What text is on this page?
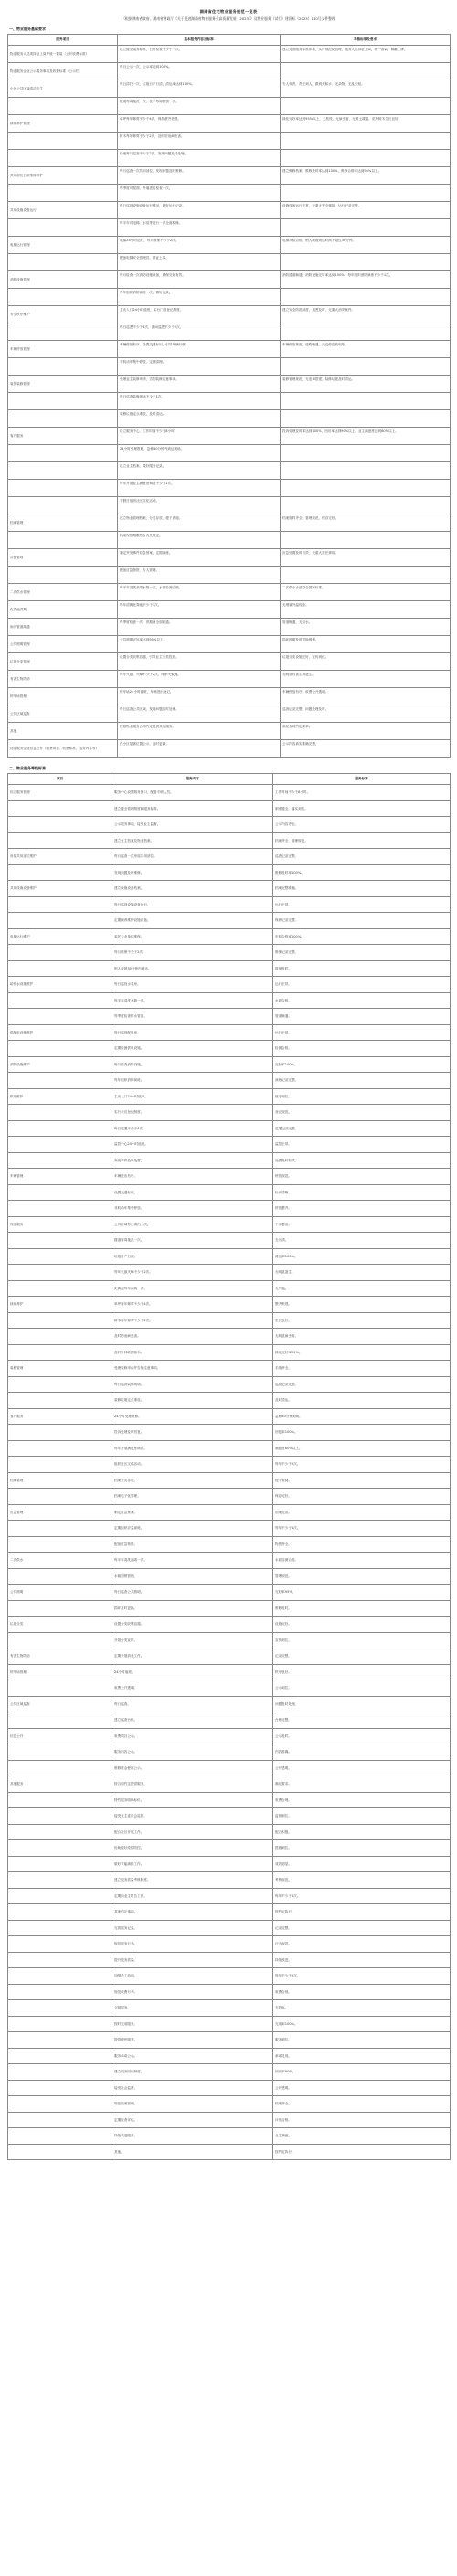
湖南省住宅物业服务规范一览表
（根据湖南省政府、湖南省财政厅《关于促进湖南省物业服务业高质量发展（2023）》及物业服务（试行）建设标（2023）160号文件整理
一、物业服务基础要求
服务项目	基本服务内容及标准	考核标准及要求
物业服务人员须持证上岗并统一着装（公开收费标准）	建立健全服务标准，日常检查不少于一次。	建立完善服务标准体系，实行规范化管理，服务人员持证上岗，统一着装，佩戴工牌。
物业服务企业公示服务事项及收费标准（公示栏）	每月公示一次，公示率达到100%。	
小区公共区域清洁卫生	每日清扫一次，垃圾日产日清，清运率达到100%。	专人负责，责任到人，做到无积水、无杂物、无乱张贴。
	楼道每周拖洗一次，扶手每周擦拭一次。	
绿化养护管理	草坪每年修剪不少于4次，保持整齐美观。	绿化完好率达到95%以上，无枯枝、无病虫害、无黄土裸露，花草树木生长良好。
	树木每年修剪不少于2次，及时防治病虫害。	
	绿地每月巡查不少于2次，发现问题及时处理。	
共用部位日常维修养护	每月巡查一次共用部位，发现问题及时维修。	建立维修档案，维修及时率达到100%，维修合格率达到95%以上。
	每季度对屋面、外墙进行检查一次。	
共用设施设备运行	每日巡视设施设备运行情况，做好运行记录。	设施设备运行正常，无重大安全事故，运行记录完整。
	每半年对电梯、水泵等进行一次全面检修。	
电梯运行管理	电梯24小时运行，每月维保不少于2次。	电梯年检合格，困人救援到达时间不超过30分钟。
	配备电梯安全管理员，持证上岗。	
消防设施管理	每月检查一次消防设施设备，确保完好有效。	消防通道畅通，消防设施完好率达到100%，每年组织消防演练不少于1次。
	每年组织消防演练一次，做好记录。	
安全秩序维护	主出入口24小时值班，实行门岗登记制度。	建立安全防范制度，巡逻及时，无重大治安案件。
	每日巡逻不少于4次，夜间巡逻不少于2次。	
车辆停放管理	车辆停放有序，设置交通标识，引导车辆行驶。	车辆停放规范，道路畅通，无乱停乱放现象。
	非机动车集中停放，定期清理。	
装饰装修管理	受理业主装修申请，告知装修注意事项。	装修管理规范，无违章搭建，装修垃圾及时清运。
	每日巡查装修现场不少于1次。	
	装修垃圾定点堆放，及时清运。	
客户服务	设立服务中心，工作时间不少于8小时。	投诉处理及时率达到100%，回访率达到90%以上，业主满意度达到80%以上。
	24小时受理报修，急修30分钟内到达现场。	
	建立业主档案，做好服务记录。	
	每年开展业主满意度调查不少于1次。	
	节假日组织社区文化活动。	
档案管理	建立物业管理档案，分类存放，便于查阅。	档案资料齐全，管理规范，保存完好。
	档案保管期限符合有关规定。	
应急管理	制定突发事件应急预案，定期演练。	应急处置及时有效，无重大责任事故。
	配备应急物资，专人管理。	
二次供水管理	每半年清洗消毒水箱一次，水质检测合格。	二次供水水质符合国家标准。
化粪池清掏	每年清掏化粪池不少于1次。	无堵塞外溢现象。
雨污管道疏通	每季度检查一次，汛期前全面疏通。	管道畅通，无积水。
公共照明管理	公共照明完好率达到95%以上。	损坏照明及时更换维修。
垃圾分类管理	设置分类收集容器，引导业主分类投放。	垃圾分类设施完好，宣传到位。
有害生物防治	每年灭鼠、灭蟑不少于2次，雨季灭蚊蝇。	无明显有害生物滋生。
停车场管理	停车场24小时值班，车辆进出登记。	车辆停放有序，收费公开透明。
公共区域巡查	每日巡查公共区域，发现问题及时处理。	巡查记录完整，问题处理及时。
其他	按照物业服务合同约定提供其他服务。	满足合同约定要求。
物业服务企业信息公开（收费项目、收费标准、服务内容等）	在小区显著位置公示，及时更新。	公示内容真实准确完整。
二、物业服务等级标准
项目	服务内容	服务标准
综合服务管理	服务中心设置服务窗口，配备专职人员。	工作时间不少于8小时。
	建立健全管理制度和服务标准。	制度健全，落实到位。
	公示服务事项，接受业主监督。	公示内容齐全。
	建立业主档案及物业档案。	档案齐全，管理规范。
房屋共用部位维护	每月巡查一次房屋共用部位。	巡查记录完整。
	发现问题及时维修。	维修及时率100%。
共用设施设备维护	建立设施设备档案。	档案完整准确。
	每日巡视设施设备运行。	运行正常。
	定期保养维护设施设备。	保养记录完整。
电梯运行维护	委托专业单位维保。	年检合格率100%。
	每月维保不少于2次。	维保记录完整。
	困人救援30分钟内到达。	救援及时。
给排水设施维护	每日巡视水泵房。	运行正常。
	每半年清洗水箱一次。	水质合格。
	每季度检查排水管道。	管道畅通。
供配电设施维护	每日巡视配电房。	运行正常。
	定期检测供电设施。	检测合格。
消防设施维护	每月检查消防设施。	完好率100%。
	每年组织消防演练。	演练记录完整。
秩序维护	主出入口24小时值守。	值守到位。
	实行来访登记制度。	登记规范。
	每日巡逻不少于4次。	巡逻记录完整。
	监控中心24小时值班。	监控正常。
	突发事件及时处置。	处置及时有效。
车辆管理	车辆进出有序。	停放规范。
	设置交通标识。	标识清晰。
	非机动车集中停放。	停放整齐。
保洁服务	公共区域每日清扫一次。	干净整洁。
	楼道每周拖洗一次。	无污渍。
	垃圾日产日清。	清运率100%。
	每年灭鼠灭蟑不少于2次。	无明显滋生。
	化粪池每年清掏一次。	无外溢。
绿化养护	草坪每年修剪不少于4次。	整齐美观。
	树木每年修剪不少于2次。	生长良好。
	及时防治病虫害。	无明显病虫害。
	及时补种缺损苗木。	绿化完好率95%。
装修管理	受理装修申请并告知注意事项。	手续齐全。
	每日巡查装修现场。	巡查记录完整。
	装修垃圾定点堆放。	及时清运。
客户服务	24小时受理报修。	急修30分钟到场。
	投诉处理及时回复。	回复率100%。
	每年开展满意度调查。	满意度80%以上。
	组织社区文化活动。	每年不少于2次。
档案管理	档案分类存放。	便于查阅。
	档案电子化管理。	保存完好。
应急管理	制定应急预案。	预案完善。
	定期组织应急演练。	每年不少于1次。
	配备应急物资。	物资齐全。
二次供水	每半年清洗消毒一次。	水质检测合格。
	水箱加锁管理。	管理规范。
公共照明	每日巡查公共照明。	完好率95%。
	损坏及时更换。	维修及时。
垃圾分类	设置分类收集容器。	设施完好。
	开展分类宣传。	宣传到位。
有害生物防治	定期开展消杀工作。	记录完整。
停车场管理	24小时值班。	秩序良好。
	收费公开透明。	公示到位。
公共区域巡查	每日巡查。	问题及时处理。
	建立巡查台账。	台账完整。
信息公开	收费项目公示。	公示及时。
	服务内容公示。	内容准确。
	维修资金使用公示。	公开透明。
其他服务	按合同约定提供服务。	满足要求。
	特约服务明码标价。	收费合理。
	接受业主委员会监督。	监督到位。
	配合社区开展工作。	配合积极。
	协助做好疫情防控。	措施到位。
	做好节能减排工作。	成效明显。
	建立服务质量考核制度。	考核规范。
	定期向业主报告工作。	每年不少于1次。
	其他约定事项。	按约定执行。
	完善服务记录。	记录完整。
	规范服务行为。	行为规范。
	提升服务质量。	持续改进。
	加强员工培训。	每年不少于2次。
	规范收费行为。	收费合规。
	文明服务。	无投诉。
	按时完成服务。	完成率100%。
	提供便民服务。	服务到位。
	服务承诺公示。	承诺兑现。
	建立服务回访制度。	回访率90%。
	接受社会监督。	公开透明。
	规范档案管理。	档案齐全。
	定期检查评估。	评估合格。
	持续改进服务。	业主满意。
	其他。	按约定执行。
